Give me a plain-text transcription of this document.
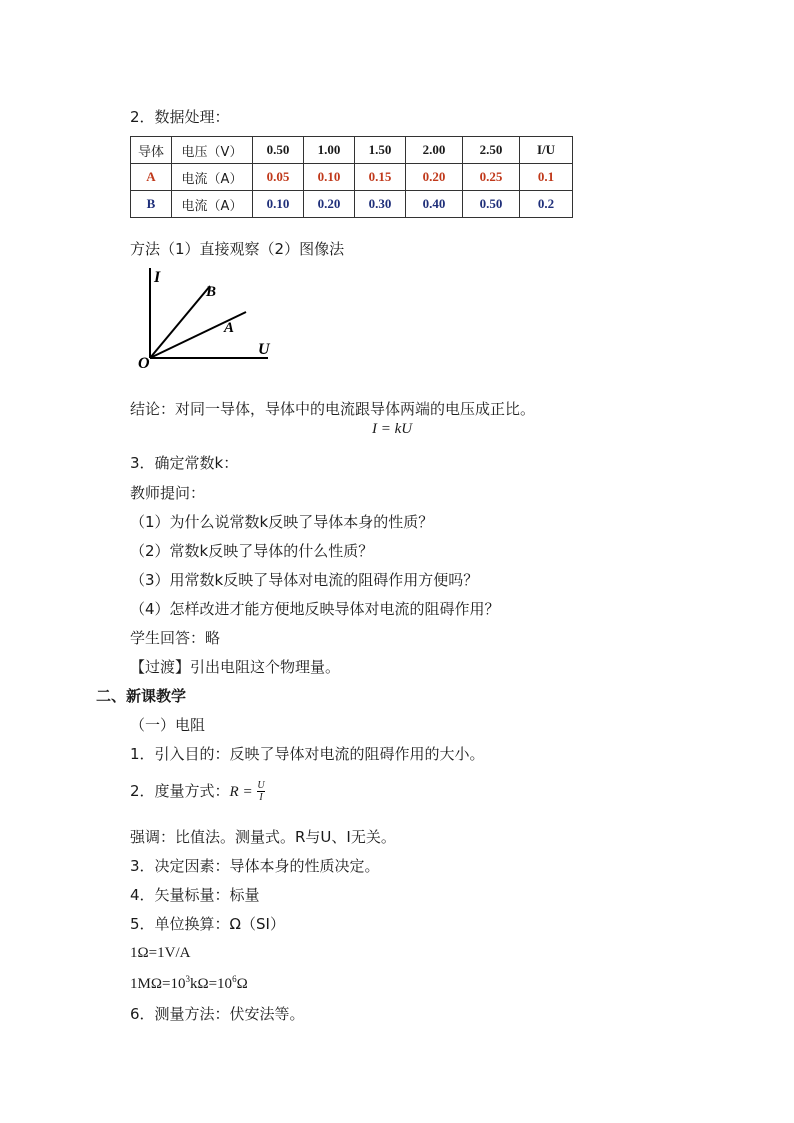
2．数据处理：
导体	电压（V）	0.50	1.00	1.50	2.00	2.50	I/U
A	电流（A）	0.05	0.10	0.15	0.20	0.25	0.1
B	电流（A）	0.10	0.20	0.30	0.40	0.50	0.2
方法（1）直接观察（2）图像法
I
U
O
B
A
结论：对同一导体，导体中的电流跟导体两端的电压成正比。
I = kU
3．确定常数k：
教师提问：
（1）为什么说常数k反映了导体本身的性质？
（2）常数k反映了导体的什么性质？
（3）用常数k反映了导体对电流的阻碍作用方便吗？
（4）怎样改进才能方便地反映导体对电流的阻碍作用？
学生回答：略
【过渡】引出电阻这个物理量。
二、新课教学
（一）电阻
1．引入目的：反映了导体对电流的阻碍作用的大小。
2．度量方式：$R = \frac{U}{I}$
强调：比值法。测量式。R与U、I无关。
3．决定因素：导体本身的性质决定。
4．矢量标量：标量
5．单位换算：Ω（SI）
1Ω=1V/A
$1M\Omega=10^3k\Omega=10^6\Omega$
6．测量方法：伏安法等。
